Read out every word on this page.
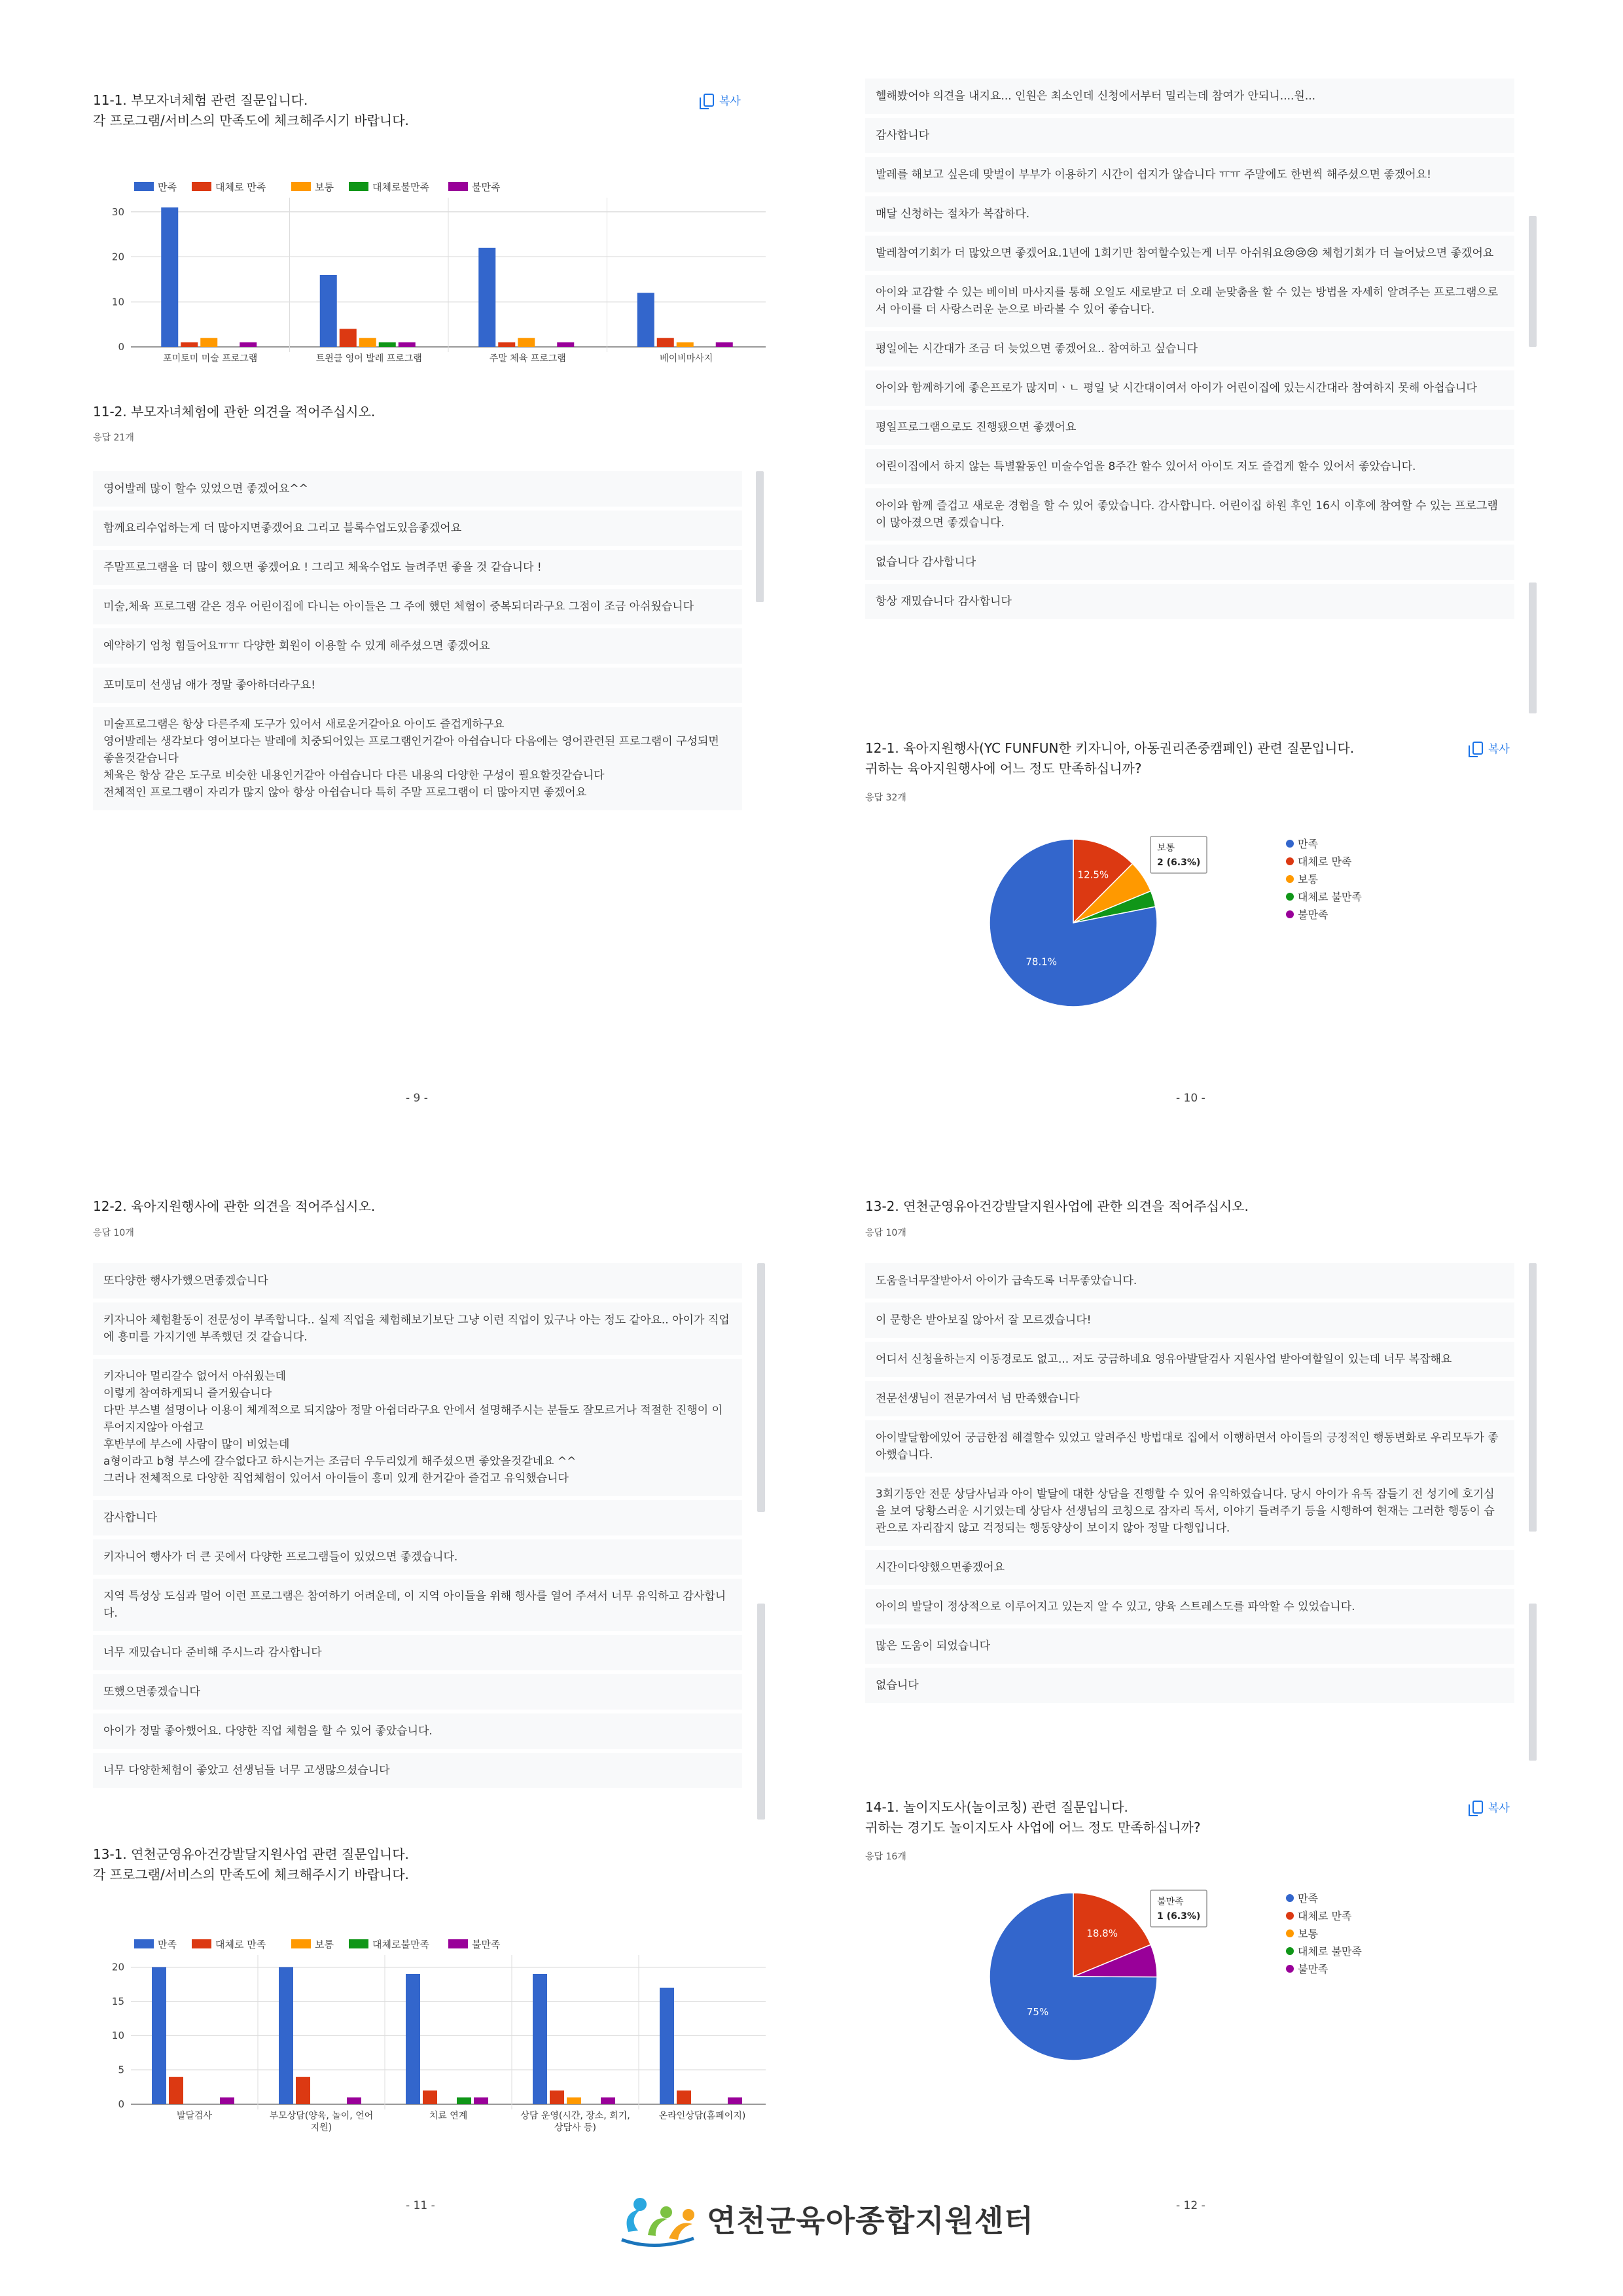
11-1. 부모자녀체험 관련 질문입니다.
각 프로그램/서비스의 만족도에 체크해주시기 바랍니다.
복사
만족	대체로 만족	보통	대체로불만족	불만족
0
10
20
30
포미토미 미술 프로그램	트윈클 영어 발레 프로그램	주말 체육 프로그램	베이비마사지
11-2. 부모자녀체험에 관한 의견을 적어주십시오.
응답 21개
영어발레 많이 할수 있었으면 좋겠어요^^
함께요리수업하는게 더 많아지면좋겠어요 그리고 블록수업도있음좋겠어요
주말프로그램을 더 많이 했으면 좋겠어요 ! 그리고 체육수업도 늘려주면 좋을 것 같습니다 !
미술,체육 프로그램 같은 경우 어린이집에 다니는 아이들은 그 주에 했던 체험이 중복되더라구요 그점이 조금 아쉬웠습니다
예약하기 엄청 힘들어요ㅠㅠ 다양한 회원이 이용할 수 있게 해주셨으면 좋겠어요
포미토미 선생님 애가 정말 좋아하더라구요!
미술프로그램은 항상 다른주제 도구가 있어서 새로운거같아요 아이도 즐겁게하구요
영어발레는 생각보다 영어보다는 발레에 치중되어있는 프로그램인거같아 아쉽습니다 다음에는 영어관련된 프로그램이 구성되면 좋을것같습니다
체육은 항상 같은 도구로 비슷한 내용인거같아 아쉽습니다 다른 내용의 다양한 구성이 필요할것같습니다
전체적인 프로그램이 자리가 많지 않아 항상 아쉽습니다 특히 주말 프로그램이 더 많아지면 좋겠어요
- 9 -
헬해봤어야 의견을 내지요... 인원은 최소인데 신청에서부터 밀리는데 참여가 안되니....원...
감사합니다
발레를 해보고 싶은데 맞벌이 부부가 이용하기 시간이 쉽지가 않습니다 ㅠㅠ 주말에도 한번씩 해주셨으면 좋겠어요!
매달 신청하는 절차가 복잡하다.
발레참여기회가 더 많았으면 좋겠어요.1년에 1회기만 참여할수있는게 너무 아쉬워요😢😢😢 체험기회가 더 늘어났으면 좋겠어요
아이와 교감할 수 있는 베이비 마사지를 통해 오일도 새로받고 더 오래 눈맞춤을 할 수 있는 방법을 자세히 알려주는 프로그램으로서 아이를 더 사랑스러운 눈으로 바라볼 수 있어 좋습니다.
평일에는 시간대가 조금 더 늦었으면 좋겠어요.. 참여하고 싶습니다
아이와 함께하기에 좋은프로가 많지미ㆍㄴ 평일 낮 시간대이여서 아이가 어린이집에 있는시간대라 참여하지 못해 아쉽습니다
평일프로그램으로도 진행됐으면 좋겠어요
어린이집에서 하지 않는 특별활동인 미술수업을 8주간 할수 있어서 아이도 저도 즐겁게 할수 있어서 좋았습니다.
아이와 함께 즐겁고 새로운 경험을 할 수 있어 좋았습니다. 감사합니다. 어린이집 하원 후인 16시 이후에 참여할 수 있는 프로그램이 많아졌으면 좋겠습니다.
없습니다 감사합니다
항상 재밌습니다 감사합니다
12-1. 육아지원행사(YC FUNFUN한 키자니아, 아동권리존중캠페인) 관련 질문입니다.
귀하는 육아지원행사에 어느 정도 만족하십니까?
응답 32개
복사
78.1%
12.5%
보통
2 (6.3%)
만족
대체로 만족
보통
대체로 불만족
불만족
- 10 -
12-2. 육아지원행사에 관한 의견을 적어주십시오.
응답 10개
또다양한 행사가했으면좋겠습니다
키자니아 체험활동이 전문성이 부족합니다.. 실제 직업을 체험해보기보단 그냥 이런 직업이 있구나 아는 정도 같아요.. 아이가 직업에 흥미를 가지기엔 부족했던 것 같습니다.
키자니아 멀리갈수 없어서 아쉬웠는데
이렇게 참여하게되니 즐거웠습니다
다만 부스별 설명이나 이용이 체계적으로 되지않아 정말 아쉽더라구요 안에서 설명해주시는 분들도 잘모르거나 적절한 진행이 이루어지지않아 아쉽고
후반부에 부스에 사람이 많이 비었는데
a형이라고 b형 부스에 갈수없다고 하시는거는 조금더 우두리있게 해주셨으면 좋았을것같네요 ^^
그러나 전체적으로 다양한 직업체험이 있어서 아이들이 흥미 있게 한거같아 즐겁고 유익했습니다
감사합니다
키자니어 행사가 더 큰 곳에서 다양한 프로그램들이 있었으면 좋겠습니다.
지역 특성상 도심과 멀어 이런 프로그램은 참여하기 어려운데, 이 지역 아이들을 위해 행사를 열어 주셔서 너무 유익하고 감사합니다.
너무 재밌습니다 준비해 주시느라 감사합니다
또했으면좋겠습니다
아이가 정말 좋아했어요. 다양한 직업 체험을 할 수 있어 좋았습니다.
너무 다양한체험이 좋았고 선생님들 너무 고생많으셨습니다
13-1. 연천군영유아건강발달지원사업 관련 질문입니다.
각 프로그램/서비스의 만족도에 체크해주시기 바랍니다.
만족	대체로 만족	보통	대체로불만족	불만족
0
5
10
15
20
발달검사	부모상담(양육, 놀이, 언어
지원)
치료 연계	상담 운영(시간, 장소, 회기,
상담사 등)
온라인상담(홈페이지)
- 11 -
13-2. 연천군영유아건강발달지원사업에 관한 의견을 적어주십시오.
응답 10개
도움을너무잘받아서 아이가 급속도록 너무좋았습니다.
이 문항은 받아보질 않아서 잘 모르겠습니다!
어디서 신청을하는지 이동경로도 없고... 저도 궁금하네요 영유아발달검사 지원사업 받아여할일이 있는데 너무 복잡해요
전문선생님이 전문가여서 넘 만족했습니다
아이발달함에있어 궁금한점 해결할수 있었고 알려주신 방법대로 집에서 이행하면서 아이들의 긍정적인 행동변화로 우리모두가 좋아했습니다.
3회기동안 전문 상담사님과 아이 발달에 대한 상담을 진행할 수 있어 유익하였습니다. 당시 아이가 유독 잠들기 전 성기에 호기심을 보여 당황스러운 시기였는데 상담사 선생님의 코칭으로 잠자리 독서, 이야기 들려주기 등을 시행하여 현재는 그러한 행동이 습관으로 자리잡지 않고 걱정되는 행동양상이 보이지 않아 정말 다행입니다.
시간이다양했으면좋겠어요
아이의 발달이 정상적으로 이루어지고 있는지 알 수 있고, 양육 스트레스도를 파악할 수 있었습니다.
많은 도움이 되었습니다
없습니다
14-1. 놀이지도사(놀이코칭) 관련 질문입니다.
귀하는 경기도 놀이지도사 사업에 어느 정도 만족하십니까?
응답 16개
복사
75%
18.8%
불만족
1 (6.3%)
만족
대체로 만족
보통
대체로 불만족
불만족
- 12 -
연천군육아종합지원센터
